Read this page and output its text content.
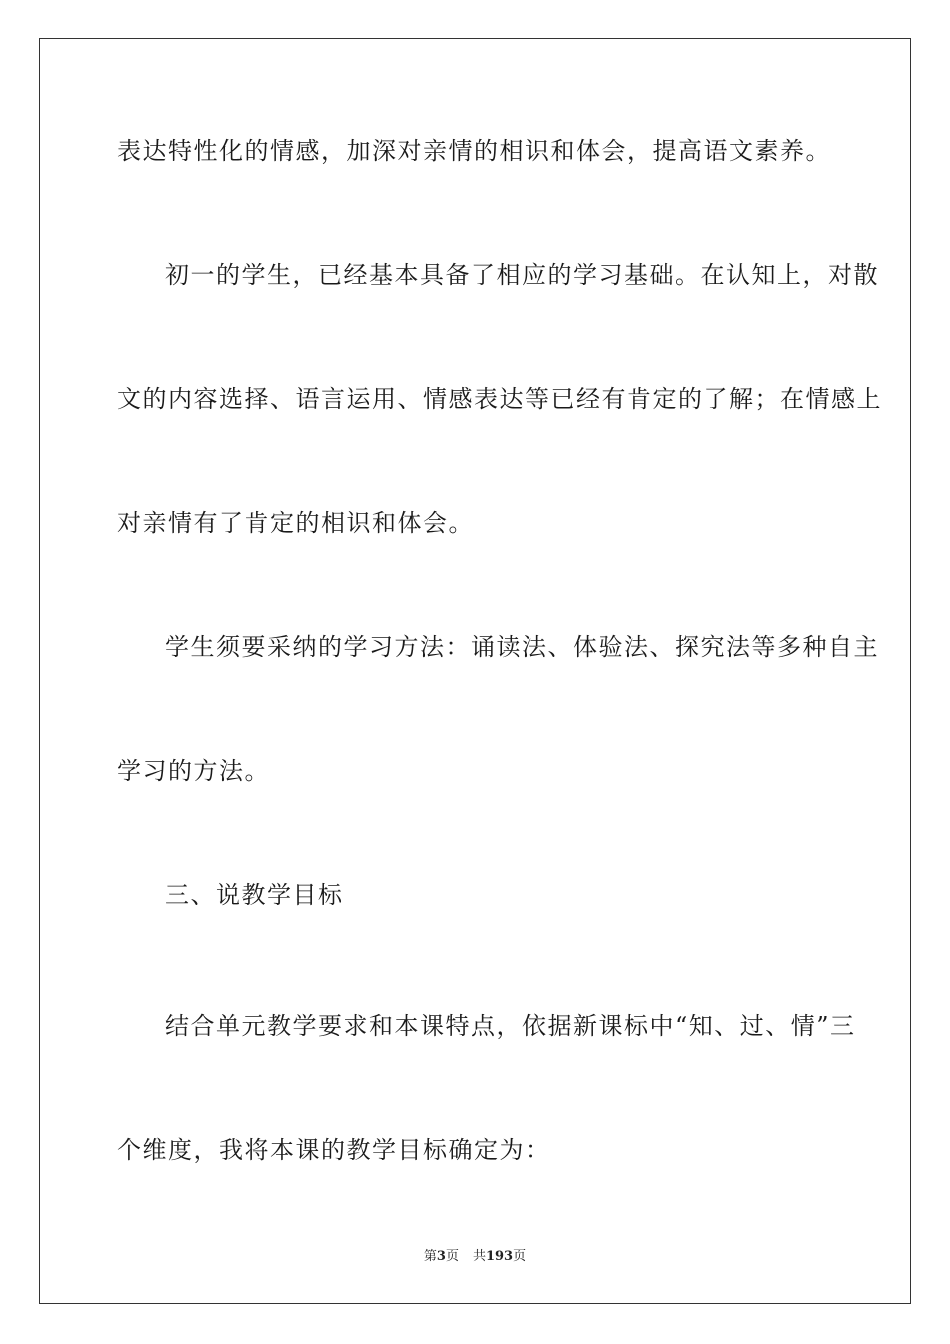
表达特性化的情感，加深对亲情的相识和体会，提高语文素养。
初一的学生，已经基本具备了相应的学习基础。在认知上，对散
文的内容选择、语言运用、情感表达等已经有肯定的了解；在情感上
对亲情有了肯定的相识和体会。
学生须要采纳的学习方法：诵读法、体验法、探究法等多种自主
学习的方法。
三、说教学目标
结合单元教学要求和本课特点，依据新课标中“知、过、情”三
个维度，我将本课的教学目标确定为：
第3页 共193页
